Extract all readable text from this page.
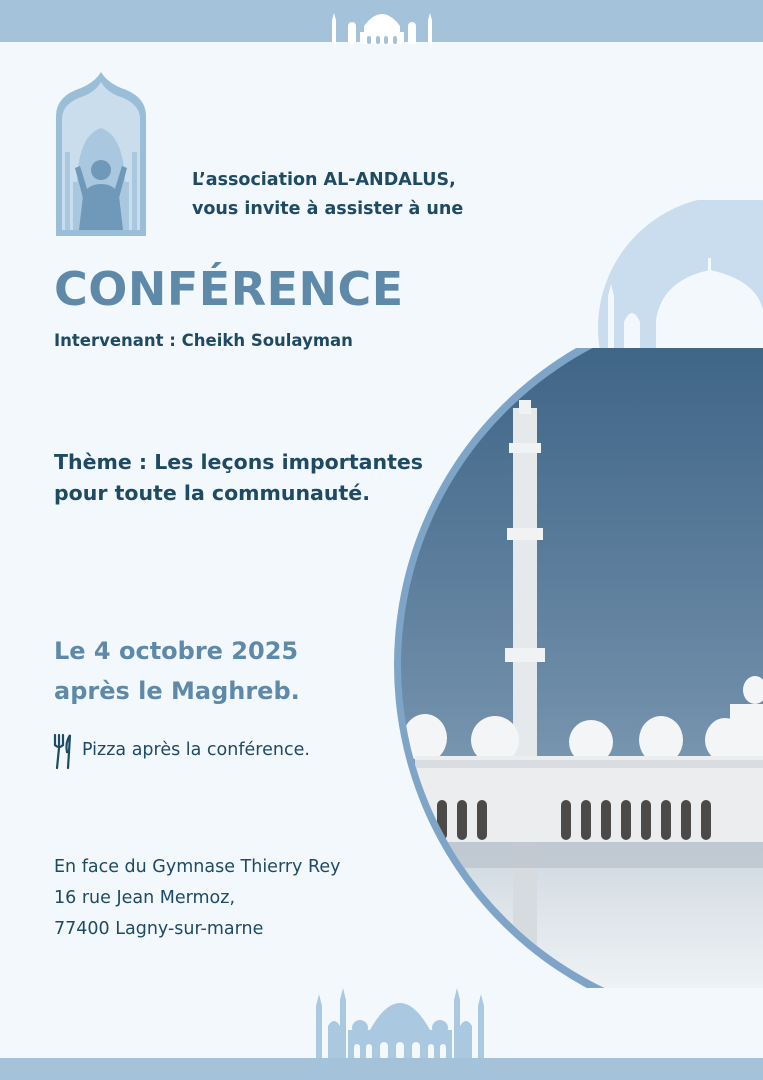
L’association AL-ANDALUS,
vous invite à assister à une
CONFÉRENCE
Intervenant : Cheikh Soulayman
Thème : Les leçons importantes
pour toute la communauté.
Le 4 octobre 2025
après le Maghreb.
Pizza après la conférence.
En face du Gymnase Thierry Rey
16 rue Jean Mermoz,
77400 Lagny-sur-marne
